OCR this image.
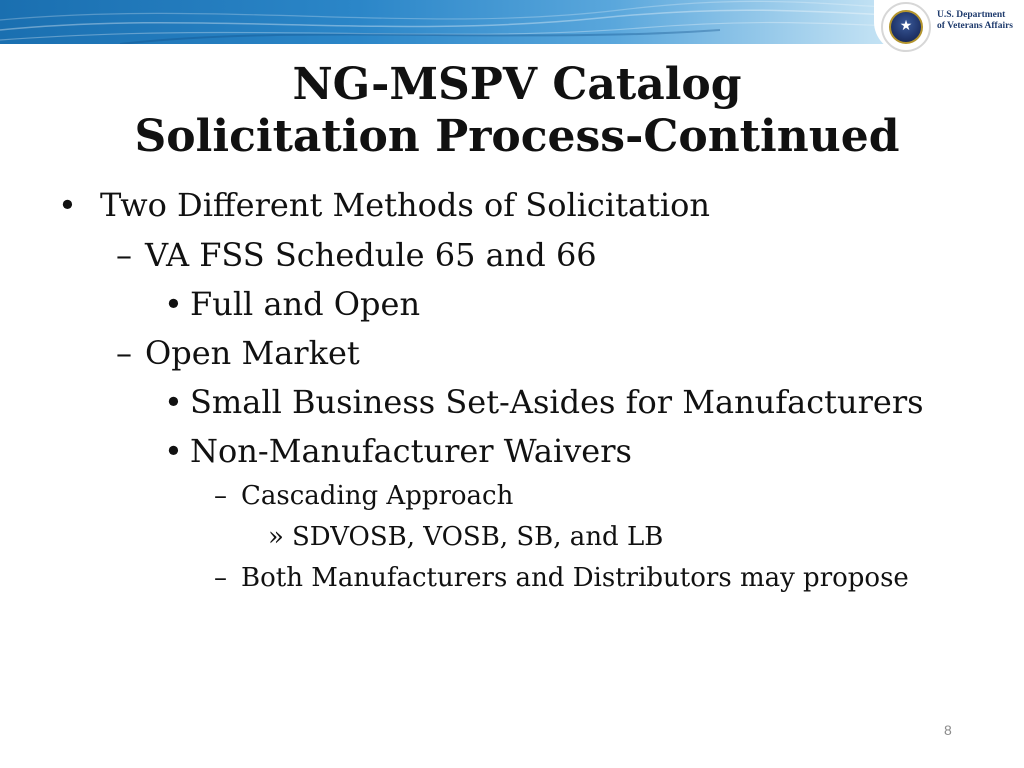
★
U.S. Department
of Veterans Affairs
NG-MSPV Catalog
Solicitation Process-Continued
• Two Different Methods of Solicitation
– VA FSS Schedule 65 and 66
• Full and Open
– Open Market
• Small Business Set-Asides for Manufacturers
• Non-Manufacturer Waivers
– Cascading Approach
» SDVOSB, VOSB, SB, and LB
– Both Manufacturers and Distributors may propose
8
